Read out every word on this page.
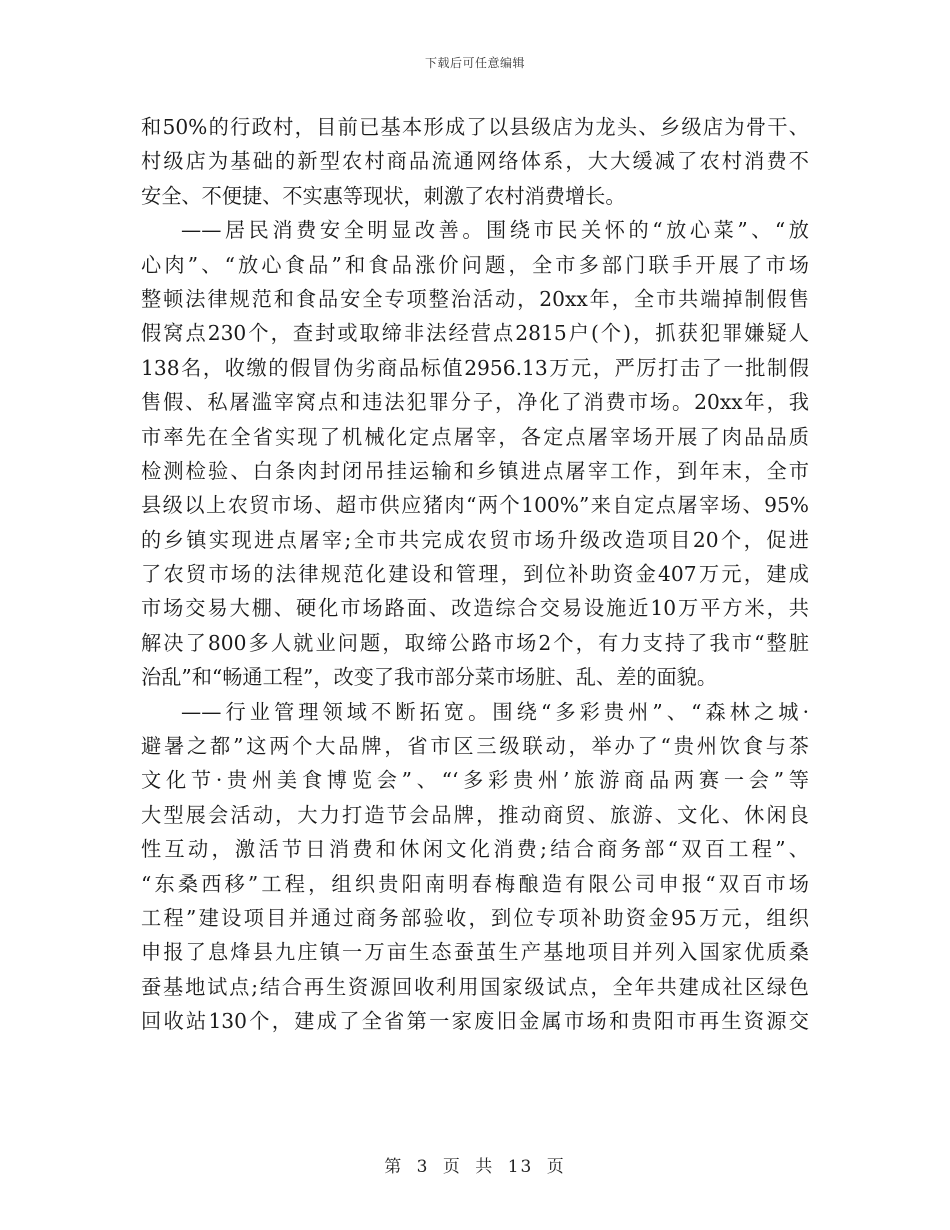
下载后可任意编辑
和50%的行政村，目前已基本形成了以县级店为龙头、乡级店为骨干、
村级店为基础的新型农村商品流通网络体系，大大缓减了农村消费不
安全、不便捷、不实惠等现状，刺激了农村消费增长。
——居民消费安全明显改善。围绕市民关怀的“放心菜”、“放
心肉”、“放心食品”和食品涨价问题，全市多部门联手开展了市场
整顿法律规范和食品安全专项整治活动，20xx年，全市共端掉制假售
假窝点230个，查封或取缔非法经营点2815户(个)，抓获犯罪嫌疑人
138名，收缴的假冒伪劣商品标值2956.13万元，严厉打击了一批制假
售假、私屠滥宰窝点和违法犯罪分子，净化了消费市场。20xx年，我
市率先在全省实现了机械化定点屠宰，各定点屠宰场开展了肉品品质
检测检验、白条肉封闭吊挂运输和乡镇进点屠宰工作，到年末，全市
县级以上农贸市场、超市供应猪肉“两个100%”来自定点屠宰场、95%
的乡镇实现进点屠宰;全市共完成农贸市场升级改造项目20个，促进
了农贸市场的法律规范化建设和管理，到位补助资金407万元，建成
市场交易大棚、硬化市场路面、改造综合交易设施近10万平方米，共
解决了800多人就业问题，取缔公路市场2个，有力支持了我市“整脏
治乱”和“畅通工程”，改变了我市部分菜市场脏、乱、差的面貌。
——行业管理领域不断拓宽。围绕“多彩贵州”、“森林之城·
避暑之都”这两个大品牌，省市区三级联动，举办了“贵州饮食与茶
文化节·贵州美食博览会”、“‘多彩贵州’旅游商品两赛一会”等
大型展会活动，大力打造节会品牌，推动商贸、旅游、文化、休闲良
性互动，激活节日消费和休闲文化消费;结合商务部“双百工程”、
“东桑西移”工程，组织贵阳南明春梅酿造有限公司申报“双百市场
工程”建设项目并通过商务部验收，到位专项补助资金95万元，组织
申报了息烽县九庄镇一万亩生态蚕茧生产基地项目并列入国家优质桑
蚕基地试点;结合再生资源回收利用国家级试点，全年共建成社区绿色
回收站130个，建成了全省第一家废旧金属市场和贵阳市再生资源交
第 3 页 共 13 页
